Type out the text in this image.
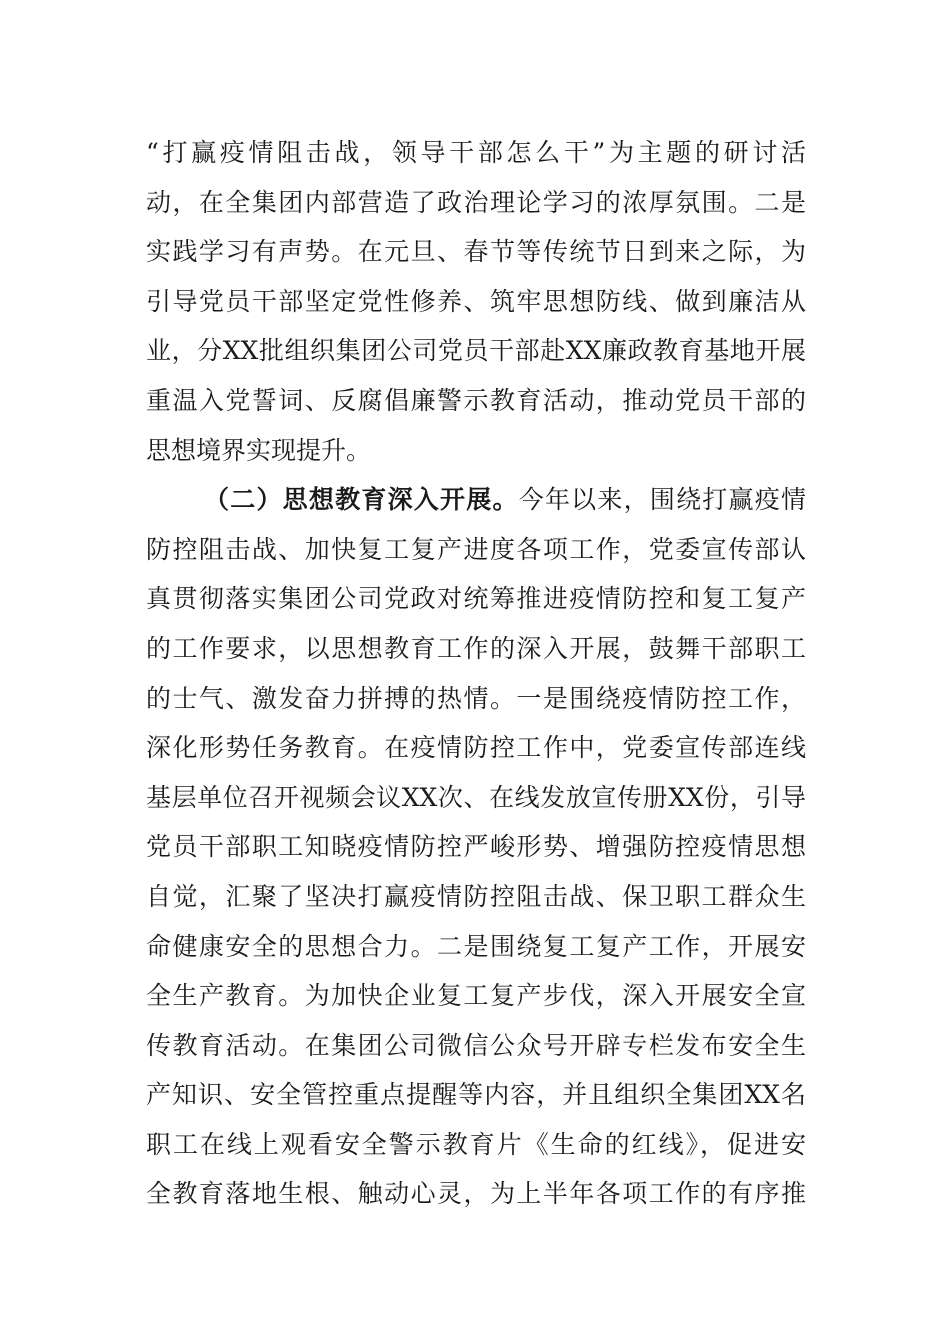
“打赢疫情阻击战，领导干部怎么干”为主题的研讨活
动，在全集团内部营造了政治理论学习的浓厚氛围。二是
实践学习有声势。在元旦、春节等传统节日到来之际，为
引导党员干部坚定党性修养、筑牢思想防线、做到廉洁从
业，分XX批组织集团公司党员干部赴XX廉政教育基地开展
重温入党誓词、反腐倡廉警示教育活动，推动党员干部的
思想境界实现提升。
（二）思想教育深入开展。今年以来，围绕打赢疫情
防控阻击战、加快复工复产进度各项工作，党委宣传部认
真贯彻落实集团公司党政对统筹推进疫情防控和复工复产
的工作要求，以思想教育工作的深入开展，鼓舞干部职工
的士气、激发奋力拼搏的热情。一是围绕疫情防控工作，
深化形势任务教育。在疫情防控工作中，党委宣传部连线
基层单位召开视频会议XX次、在线发放宣传册XX份，引导
党员干部职工知晓疫情防控严峻形势、增强防控疫情思想
自觉，汇聚了坚决打赢疫情防控阻击战、保卫职工群众生
命健康安全的思想合力。二是围绕复工复产工作，开展安
全生产教育。为加快企业复工复产步伐，深入开展安全宣
传教育活动。在集团公司微信公众号开辟专栏发布安全生
产知识、安全管控重点提醒等内容，并且组织全集团XX名
职工在线上观看安全警示教育片《生命的红线》，促进安
全教育落地生根、触动心灵，为上半年各项工作的有序推
